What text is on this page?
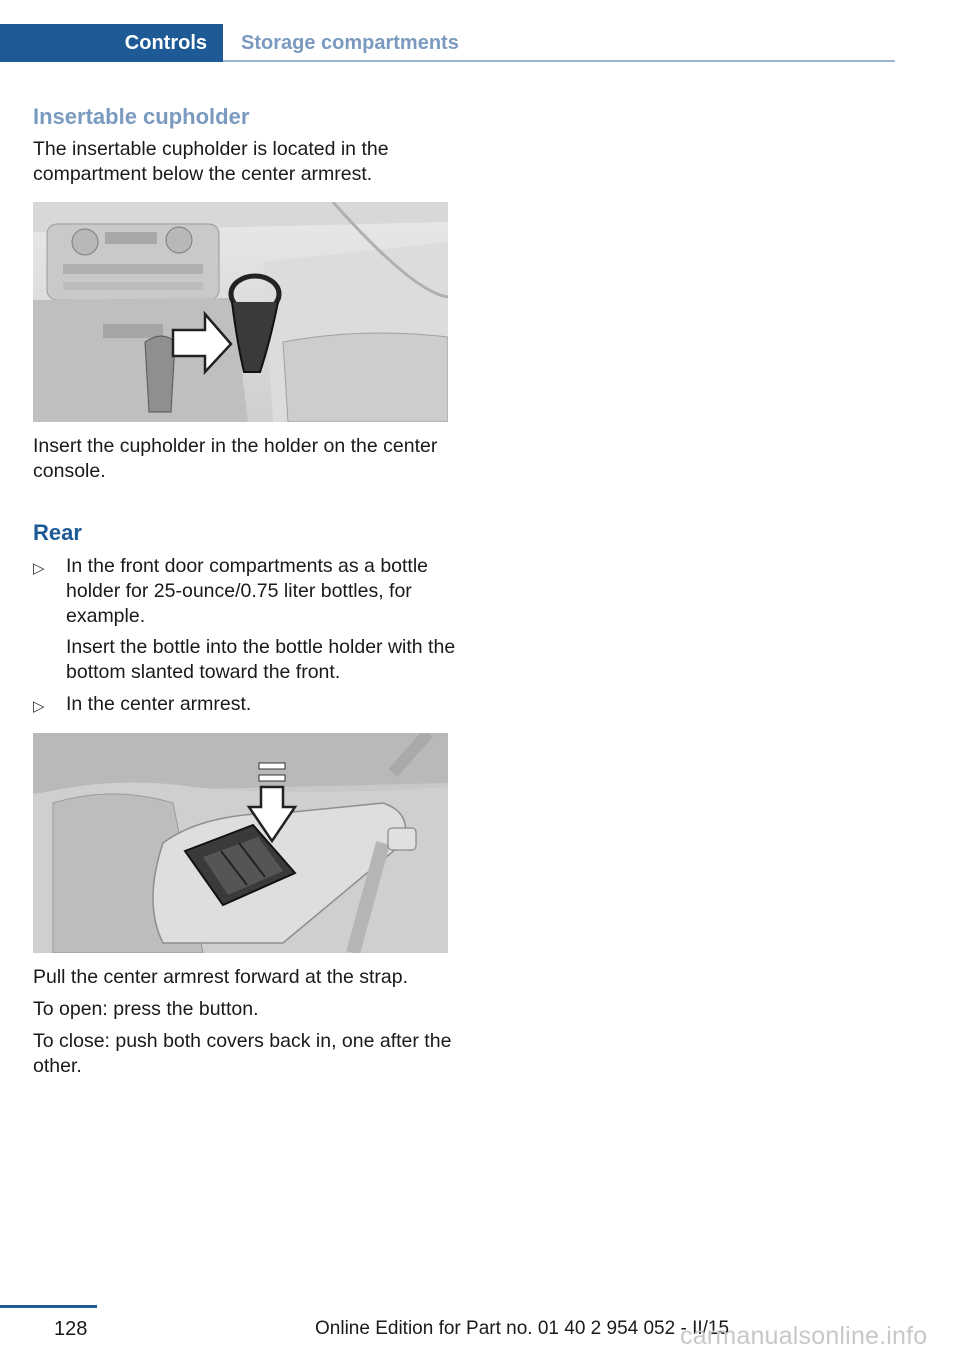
Controls	Storage compartments
Insertable cupholder

The insertable cupholder is located in the compartment below the center armrest.

Insert the cupholder in the holder on the center console.

Rear
▷ In the front door compartments as a bottle holder for 25-ounce/0.75 liter bottles, for example.

Insert the bottle into the bottle holder with the bottom slanted toward the front.

▷ In the center armrest.

Pull the center armrest forward at the strap.

To open: press the button.

To close: push both covers back in, one after the other.

128	Online Edition for Part no. 01 40 2 954 052 - II/15
carmanualsonline.info
